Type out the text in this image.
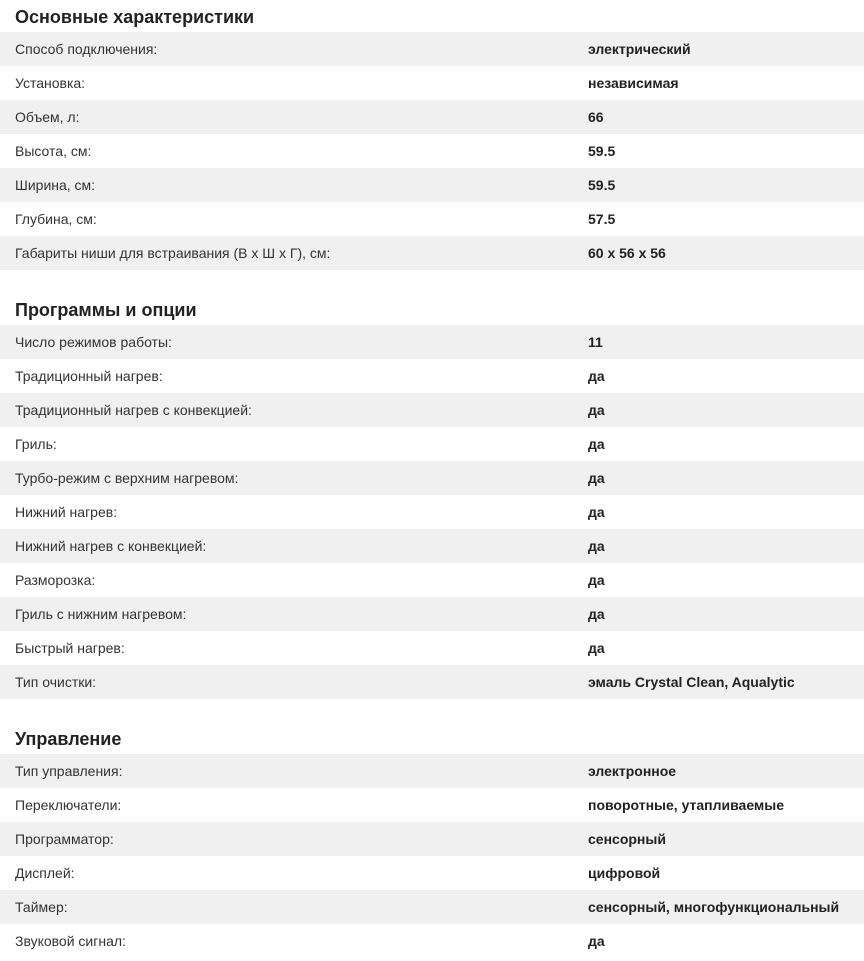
Основные характеристики
Способ подключения:	электрический
Установка:	независимая
Объем, л:	66
Высота, см:	59.5
Ширина, см:	59.5
Глубина, см:	57.5
Габариты ниши для встраивания (В х Ш х Г), см:	60 x 56 x 56
Программы и опции
Число режимов работы:	11
Традиционный нагрев:	да
Традиционный нагрев с конвекцией:	да
Гриль:	да
Турбо-режим с верхним нагревом:	да
Нижний нагрев:	да
Нижний нагрев с конвекцией:	да
Разморозка:	да
Гриль с нижним нагревом:	да
Быстрый нагрев:	да
Тип очистки:	эмаль Crystal Clean, Aqualytic
Управление
Тип управления:	электронное
Переключатели:	поворотные, утапливаемые
Программатор:	сенсорный
Дисплей:	цифровой
Таймер:	сенсорный, многофункциональный
Звуковой сигнал:	да
